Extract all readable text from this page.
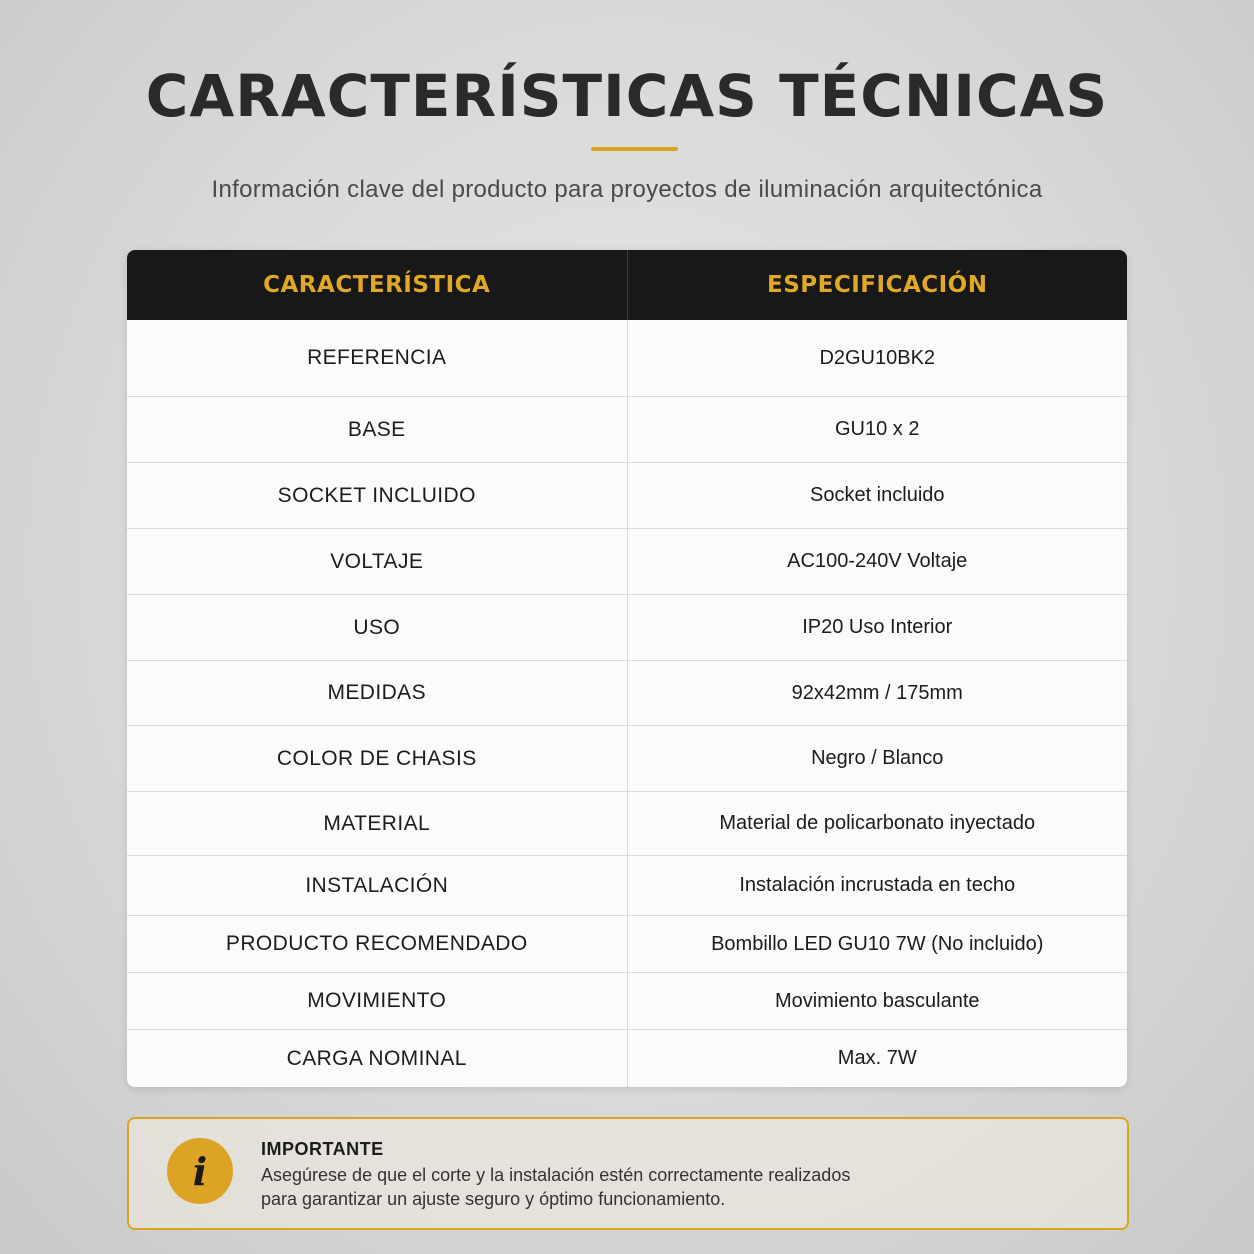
CARACTERÍSTICAS TÉCNICAS
Información clave del producto para proyectos de iluminación arquitectónica
CARACTERÍSTICA	ESPECIFICACIÓN
REFERENCIA	D2GU10BK2
BASE	GU10 x 2
SOCKET INCLUIDO	Socket incluido
VOLTAJE	AC100-240V Voltaje
USO	IP20 Uso Interior
MEDIDAS	92x42mm / 175mm
COLOR DE CHASIS	Negro / Blanco
MATERIAL	Material de policarbonato inyectado
INSTALACIÓN	Instalación incrustada en techo
PRODUCTO RECOMENDADO	Bombillo LED GU10 7W (No incluido)
MOVIMIENTO	Movimiento basculante
CARGA NOMINAL	Max. 7W
i	IMPORTANTE
Asegúrese de que el corte y la instalación estén correctamente realizados
para garantizar un ajuste seguro y óptimo funcionamiento.
